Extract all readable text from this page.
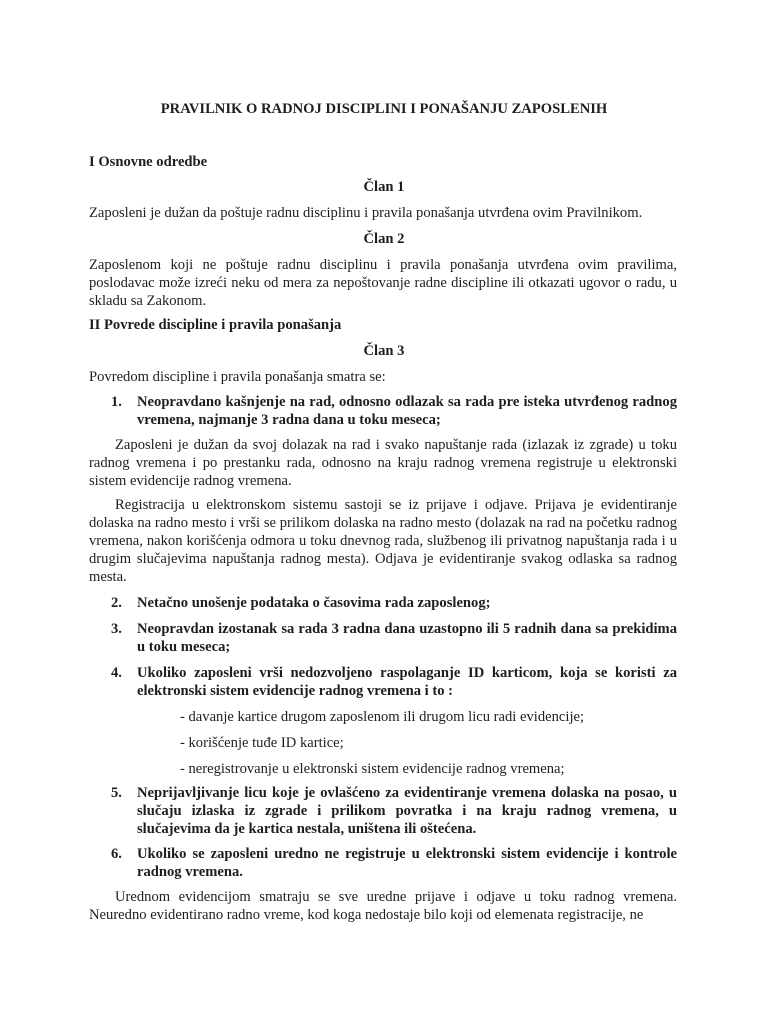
PRAVILNIK O RADNOJ DISCIPLINI I PONAŠANJU ZAPOSLENIH

I Osnovne odredbe

Član 1

Zaposleni je dužan da poštuje radnu disciplinu i pravila ponašanja utvrđena ovim Pravilnikom.

Član 2

Zaposlenom koji ne poštuje radnu disciplinu i pravila ponašanja utvrđena ovim pravilima, poslodavac može izreći neku od mera za nepoštovanje radne discipline ili otkazati ugovor o radu, u skladu sa Zakonom.

II Povrede discipline i pravila ponašanja

Član 3

Povredom discipline i pravila ponašanja smatra se:

1.	Neopravdano kašnjenje na rad, odnosno odlazak sa rada pre isteka utvrđenog radnog vremena, najmanje 3 radna dana u toku meseca;

Zaposleni je dužan da svoj dolazak na rad i svako napuštanje rada (izlazak iz zgrade) u toku radnog vremena i po prestanku rada, odnosno na kraju radnog vremena registruje u elektronski sistem evidencije radnog vremena.

Registracija u elektronskom sistemu sastoji se iz prijave i odjave. Prijava je evidentiranje dolaska na radno mesto i vrši se prilikom dolaska na radno mesto (dolazak na rad na početku radnog vremena, nakon korišćenja odmora u toku dnevnog rada, službenog ili privatnog napuštanja rada i u drugim slučajevima napuštanja radnog mesta). Odjava je evidentiranje svakog odlaska sa radnog mesta.

2.	Netačno unošenje podataka o časovima rada zaposlenog;
3.	Neopravdan izostanak sa rada 3 radna dana uzastopno ili 5 radnih dana sa prekidima u toku meseca;
4.	Ukoliko zaposleni vrši nedozvoljeno raspolaganje ID karticom, koja se koristi za elektronski sistem evidencije radnog vremena i to :

- davanje kartice drugom zaposlenom ili drugom licu radi evidencije;

- korišćenje tuđe ID kartice;

- neregistrovanje u elektronski sistem evidencije radnog vremena;

5.	Neprijavljivanje licu koje je ovlašćeno za evidentiranje vremena dolaska na posao, u slučaju izlaska iz zgrade i prilikom povratka i na kraju radnog vremena, u slučajevima da je kartica nestala, uništena ili oštećena.
6.	Ukoliko se zaposleni uredno ne registruje u elektronski sistem evidencije i kontrole radnog vremena.

Urednom evidencijom smatraju se sve uredne prijave i odjave u toku radnog vremena. Neuredno evidentirano radno vreme, kod koga nedostaje bilo koji od elemenata registracije, ne
